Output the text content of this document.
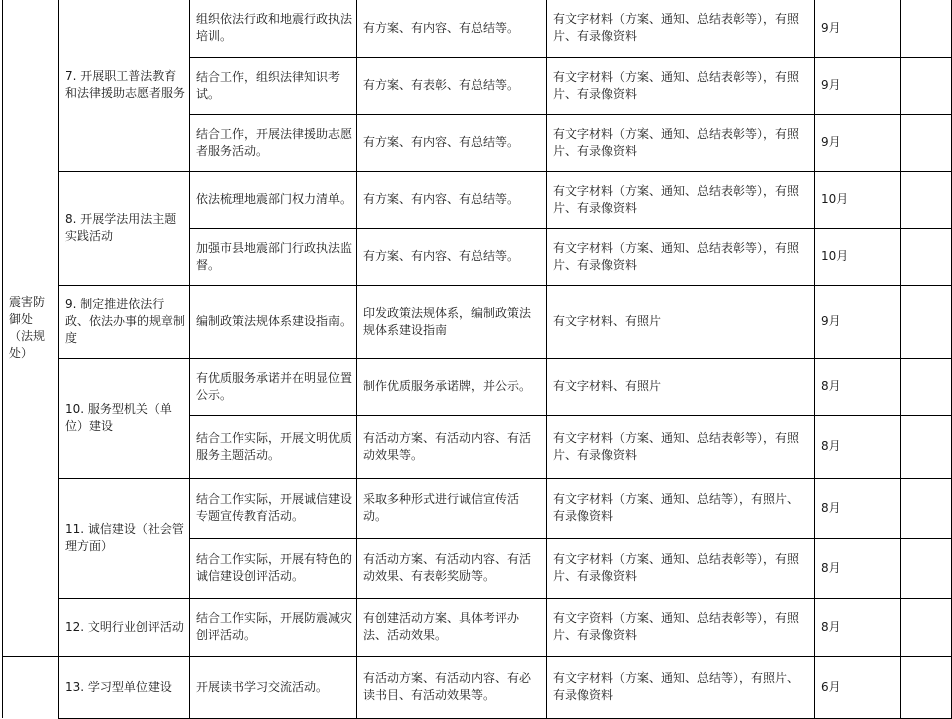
震害防御处（法规处）
7. 开展职工普法教育和法律援助志愿者服务
组织依法行政和地震行政执法培训。
有方案、有内容、有总结等。
有文字材料（方案、通知、总结表彰等），有照片、有录像资料
9月
结合工作，组织法律知识考试。
有方案、有表彰、有总结等。
有文字材料（方案、通知、总结表彰等），有照片、有录像资料
9月
结合工作，开展法律援助志愿者服务活动。
有方案、有内容、有总结等。
有文字材料（方案、通知、总结表彰等），有照片、有录像资料
9月
8. 开展学法用法主题实践活动
依法梳理地震部门权力清单。 有方案、有内容、有总结等。
有文字材料（方案、通知、总结表彰等），有照片、有录像资料
10月
加强市县地震部门行政执法监督。
有方案、有内容、有总结等。
有文字材料（方案、通知、总结表彰等），有照片、有录像资料
10月
9. 制定推进依法行政、依法办事的规章制度
编制政策法规体系建设指南。
印发政策法规体系，编制政策法规体系建设指南
有文字材料、有照片	9月
10. 服务型机关（单位）建设
有优质服务承诺并在明显位置公示。
制作优质服务承诺牌，并公示。 有文字材料、有照片	8月
结合工作实际，开展文明优质服务主题活动。
有活动方案、有活动内容、有活动效果等。
有文字材料（方案、通知、总结表彰等），有照片、有录像资料
8月
11. 诚信建设（社会管理方面）
结合工作实际，开展诚信建设专题宣传教育活动。
采取多种形式进行诚信宣传活动。
有文字材料（方案、通知、总结等），有照片、有录像资料
8月
结合工作实际，开展有特色的诚信建设创评活动。
有活动方案、有活动内容、有活动效果、有表彰奖励等。
有文字材料（方案、通知、总结表彰等），有照片、有录像资料
8月
12. 文明行业创评活动
结合工作实际，开展防震减灾创评活动。
有创建活动方案、具体考评办法、活动效果。
有文字资料（方案、通知、总结表彰等），有照片、有录像资料
8月
13. 学习型单位建设 开展读书学习交流活动。
有活动方案、有活动内容、有必读书目、有活动效果等。
有文字材料（方案、通知、总结等），有照片、有录像资料
6月
